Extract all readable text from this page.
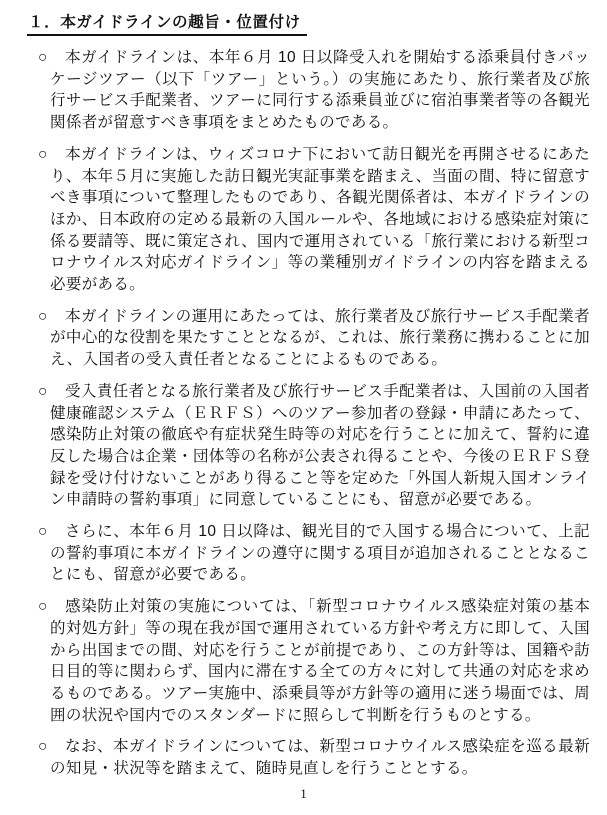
１．本ガイドラインの趣旨・位置付け
○ 本ガイドラインは、本年６月 10 日以降受入れを開始する添乗員付きパッケージツアー（以下「ツアー」という。）の実施にあたり、旅行業者及び旅行サービス手配業者、ツアーに同行する添乗員並びに宿泊事業者等の各観光関係者が留意すべき事項をまとめたものである。
○ 本ガイドラインは、ウィズコロナ下において訪日観光を再開させるにあたり、本年５月に実施した訪日観光実証事業を踏まえ、当面の間、特に留意すべき事項について整理したものであり、各観光関係者は、本ガイドラインのほか、日本政府の定める最新の入国ルールや、各地域における感染症対策に係る要請等、既に策定され、国内で運用されている「旅行業における新型コロナウイルス対応ガイドライン」等の業種別ガイドラインの内容を踏まえる必要がある。
○ 本ガイドラインの運用にあたっては、旅行業者及び旅行サービス手配業者が中心的な役割を果たすこととなるが、これは、旅行業務に携わることに加え、入国者の受入責任者となることによるものである。
○ 受入責任者となる旅行業者及び旅行サービス手配業者は、入国前の入国者健康確認システム（ＥＲＦＳ）へのツアー参加者の登録・申請にあたって、感染防止対策の徹底や有症状発生時等の対応を行うことに加えて、誓約に違反した場合は企業・団体等の名称が公表され得ることや、今後のＥＲＦＳ登録を受け付けないことがあり得ること等を定めた「外国人新規入国オンライン申請時の誓約事項」に同意していることにも、留意が必要である。
○ さらに、本年６月 10 日以降は、観光目的で入国する場合について、上記の誓約事項に本ガイドラインの遵守に関する項目が追加されることとなることにも、留意が必要である。
○ 感染防止対策の実施については、「新型コロナウイルス感染症対策の基本的対処方針」等の現在我が国で運用されている方針や考え方に即して、入国から出国までの間、対応を行うことが前提であり、この方針等は、国籍や訪日目的等に関わらず、国内に滞在する全ての方々に対して共通の対応を求めるものである。ツアー実施中、添乗員等が方針等の適用に迷う場面では、周囲の状況や国内でのスタンダードに照らして判断を行うものとする。
○ なお、本ガイドラインについては、新型コロナウイルス感染症を巡る最新の知見・状況等を踏まえて、随時見直しを行うこととする。
1
